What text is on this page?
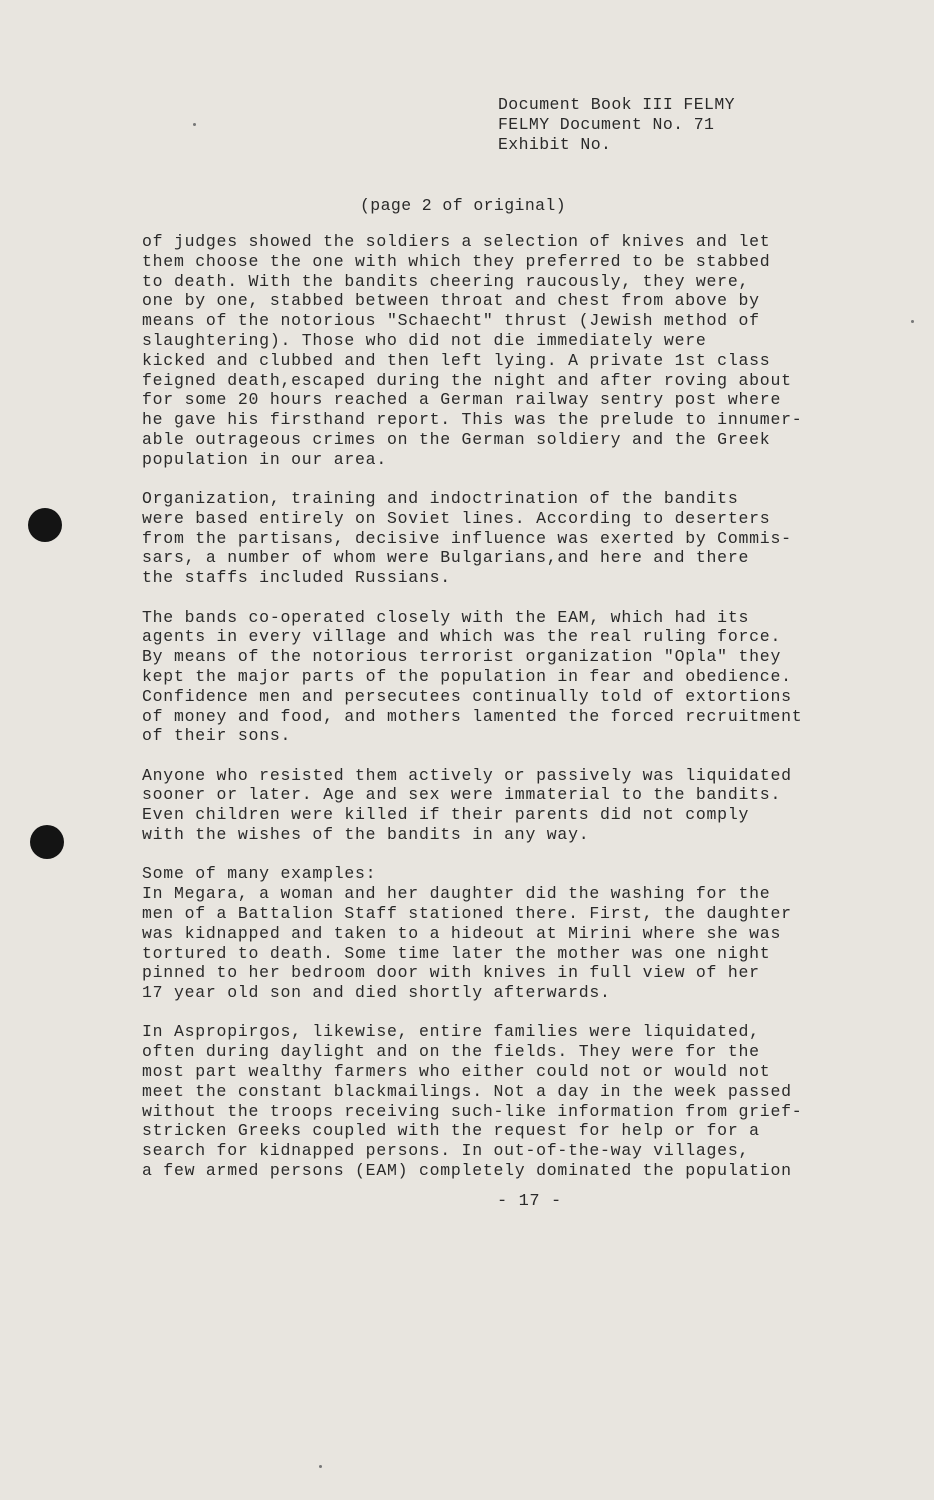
Document Book III FELMY
FELMY Document No. 71
Exhibit No.
(page 2 of original)
of judges showed the soldiers a selection of knives and let
them choose the one with which they preferred to be stabbed
to death. With the bandits cheering raucously, they were,
one by one, stabbed between throat and chest from above by
means of the notorious "Schaecht" thrust (Jewish method of
slaughtering). Those who did not die immediately were
kicked and clubbed and then left lying. A private 1st class
feigned death,escaped during the night and after roving about
for some 20 hours reached a German railway sentry post where
he gave his firsthand report. This was the prelude to innumer-
able outrageous crimes on the German soldiery and the Greek
population in our area.
Organization, training and indoctrination of the bandits
were based entirely on Soviet lines. According to deserters
from the partisans, decisive influence was exerted by Commis-
sars, a number of whom were Bulgarians,and here and there
the staffs included Russians.
The bands co-operated closely with the EAM, which had its
agents in every village and which was the real ruling force.
By means of the notorious terrorist organization "Opla" they
kept the major parts of the population in fear and obedience.
Confidence men and persecutees continually told of extortions
of money and food, and mothers lamented the forced recruitment
of their sons.
Anyone who resisted them actively or passively was liquidated
sooner or later. Age and sex were immaterial to the bandits.
Even children were killed if their parents did not comply
with the wishes of the bandits in any way.
Some of many examples:
In Megara, a woman and her daughter did the washing for the
men of a Battalion Staff stationed there. First, the daughter
was kidnapped and taken to a hideout at Mirini where she was
tortured to death. Some time later the mother was one night
pinned to her bedroom door with knives in full view of her
17 year old son and died shortly afterwards.
In Aspropirgos, likewise, entire families were liquidated,
often during daylight and on the fields. They were for the
most part wealthy farmers who either could not or would not
meet the constant blackmailings. Not a day in the week passed
without the troops receiving such-like information from grief-
stricken Greeks coupled with the request for help or for a
search for kidnapped persons. In out-of-the-way villages,
a few armed persons (EAM) completely dominated the population
- 17 -
